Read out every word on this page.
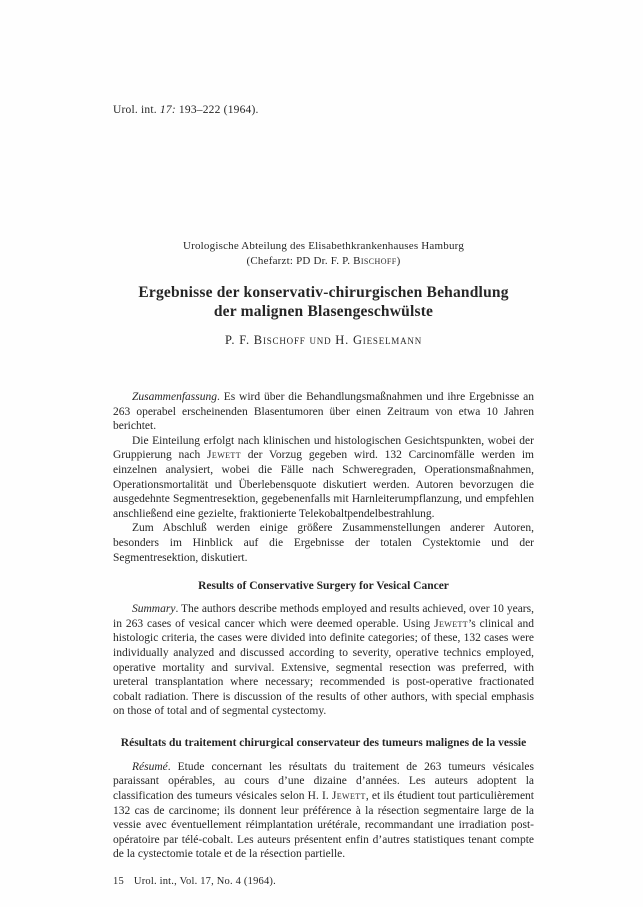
Urol. int. 17: 193–222 (1964).
Urologische Abteilung des Elisabethkrankenhauses Hamburg
(Chefarzt: PD Dr. F. P. Bischoff)
Ergebnisse der konservativ-chirurgischen Behandlung
der malignen Blasengeschwülste
P. F. Bischoff und H. Gieselmann

Zusammenfassung. Es wird über die Behandlungsmaßnahmen und ihre Ergebnisse an 263 operabel erscheinenden Blasentumoren über einen Zeitraum von etwa 10 Jahren berichtet.

Die Einteilung erfolgt nach klinischen und histologischen Gesichtspunkten, wobei der Gruppierung nach Jewett der Vorzug gegeben wird. 132 Carcinomfälle werden im einzelnen analysiert, wobei die Fälle nach Schweregraden, Operationsmaßnahmen, Operationsmortalität und Überlebensquote diskutiert werden. Autoren bevorzugen die ausgedehnte Segmentresektion, gegebenenfalls mit Harnleiterumpflanzung, und empfehlen anschließend eine gezielte, fraktionierte Telekobaltpendelbestrahlung.

Zum Abschluß werden einige größere Zusammenstellungen anderer Autoren, besonders im Hinblick auf die Ergebnisse der totalen Cystektomie und der Segmentresektion, diskutiert.

Results of Conservative Surgery for Vesical Cancer

Summary. The authors describe methods employed and results achieved, over 10 years, in 263 cases of vesical cancer which were deemed operable. Using Jewett’s clinical and histologic criteria, the cases were divided into definite categories; of these, 132 cases were individually analyzed and discussed according to severity, operative technics employed, operative mortality and survival. Extensive, segmental resection was preferred, with ureteral transplantation where necessary; recommended is post-operative fractionated cobalt radiation. There is discussion of the results of other authors, with special emphasis on those of total and of segmental cystectomy.

Résultats du traitement chirurgical conservateur des tumeurs malignes de la vessie

Résumé. Etude concernant les résultats du traitement de 263 tumeurs vésicales paraissant opérables, au cours d’une dizaine d’années. Les auteurs adoptent la classification des tumeurs vésicales selon H. I. Jewett, et ils étudient tout particulièrement 132 cas de carcinome; ils donnent leur préférence à la résection segmentaire large de la vessie avec éventuellement réimplantation urétérale, recommandant une irradiation post-opératoire par télé-cobalt. Les auteurs présentent enfin d’autres statistiques tenant compte de la cystectomie totale et de la résection partielle.

15 Urol. int., Vol. 17, No. 4 (1964).
